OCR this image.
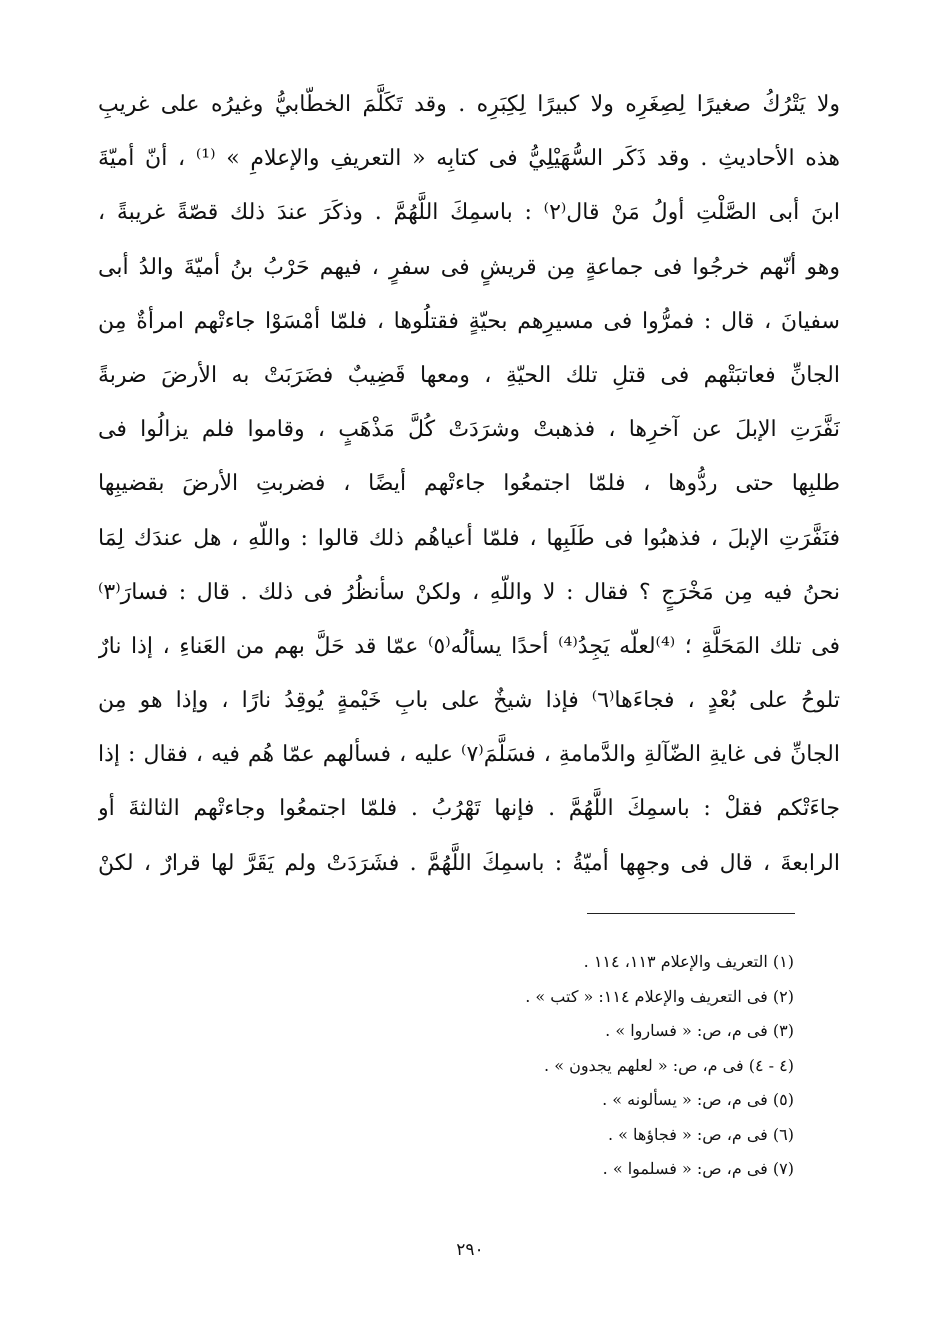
ولا يَتْرُكُ صغيرًا لِصِغَرِه ولا كبيرًا لِكِبَرِه . وقد تَكَلَّمَ الخطّابيُّ وغيرُه على غريبِ
هذه الأحاديثِ . وقد ذَكَر السُّهَيْلِيُّ فى كتابِه « التعريفِ والإعلامِ » ⁽¹⁾ ، أنّ أميّةَ
ابنَ أبى الصَّلْتِ أولُ مَنْ قال⁽٢⁾ : باسمِكَ اللَّهُمَّ . وذكَرَ عندَ ذلك قصّةً غريبةً ،
وهو أنّهم خرجُوا فى جماعةٍ مِن قريشٍ فى سفرٍ ، فيهم حَرْبُ بنُ أميّةَ والدُ أبى
سفيانَ ، قال : فمرُّوا فى مسيرِهم بحيّةٍ فقتلُوها ، فلمّا أمْسَوْا جاءتْهم امرأةٌ مِن
الجانِّ فعاتبَتْهم فى قتلِ تلك الحيّةِ ، ومعها قَضِيبٌ فضَرَبَتْ به الأرضَ ضربةً
نَفَّرَتِ الإبلَ عن آخرِها ، فذهبتْ وشرَدَتْ كُلَّ مَذْهَبٍ ، وقاموا فلم يزالُوا فى
طلبِها حتى ردُّوها ، فلمّا اجتمعُوا جاءتْهم أيضًا ، فضربتِ الأرضَ بقضيبِها
فنَفَّرَتِ الإبلَ ، فذهبُوا فى طَلَبِها ، فلمّا أعياهُم ذلك قالوا : واللّهِ ، هل عندَك لِمَا
نحنُ فيه مِن مَخْرَجٍ ؟ فقال : لا واللّهِ ، ولكنْ سأنظُرُ فى ذلك . قال : فسارَ⁽٣⁾
فى تلك المَحَلَّةِ ؛ ⁽⁴⁾لعلّه يَجِدُ⁽⁴⁾ أحدًا يسألُه⁽٥⁾ عمّا قد حَلَّ بهم من العَناءِ ، إذا نارٌ
تلوحُ على بُعْدٍ ، فجاءَها⁽٦⁾ فإذا شيخٌ على بابِ خَيْمةٍ يُوقِدُ نارًا ، وإذا هو مِن
الجانِّ فى غايةِ الضّآلةِ والدَّمامةِ ، فسَلَّمَ⁽٧⁾ عليه ، فسألهم عمّا هُم فيه ، فقال : إذا
جاءَتْكم فقلْ : باسمِكَ اللَّهُمَّ . فإنها تَهْرُبُ . فلمّا اجتمعُوا وجاءتْهم الثالثةَ أو
الرابعةَ ، قال فى وجهِها أميّةُ : باسمِكَ اللَّهُمَّ . فشَرَدَتْ ولم يَقَرَّ لها قرارٌ ، لكنْ
(١) التعريف والإعلام ١١٣، ١١٤ .
(٢) فى التعريف والإعلام ١١٤: « كتب » .
(٣) فى م، ص: « فساروا » .
(٤ - ٤) فى م، ص: « لعلهم يجدون » .
(٥) فى م، ص: « يسألونه » .
(٦) فى م، ص: « فجاؤها » .
(٧) فى م، ص: « فسلموا » .
٢٩٠
